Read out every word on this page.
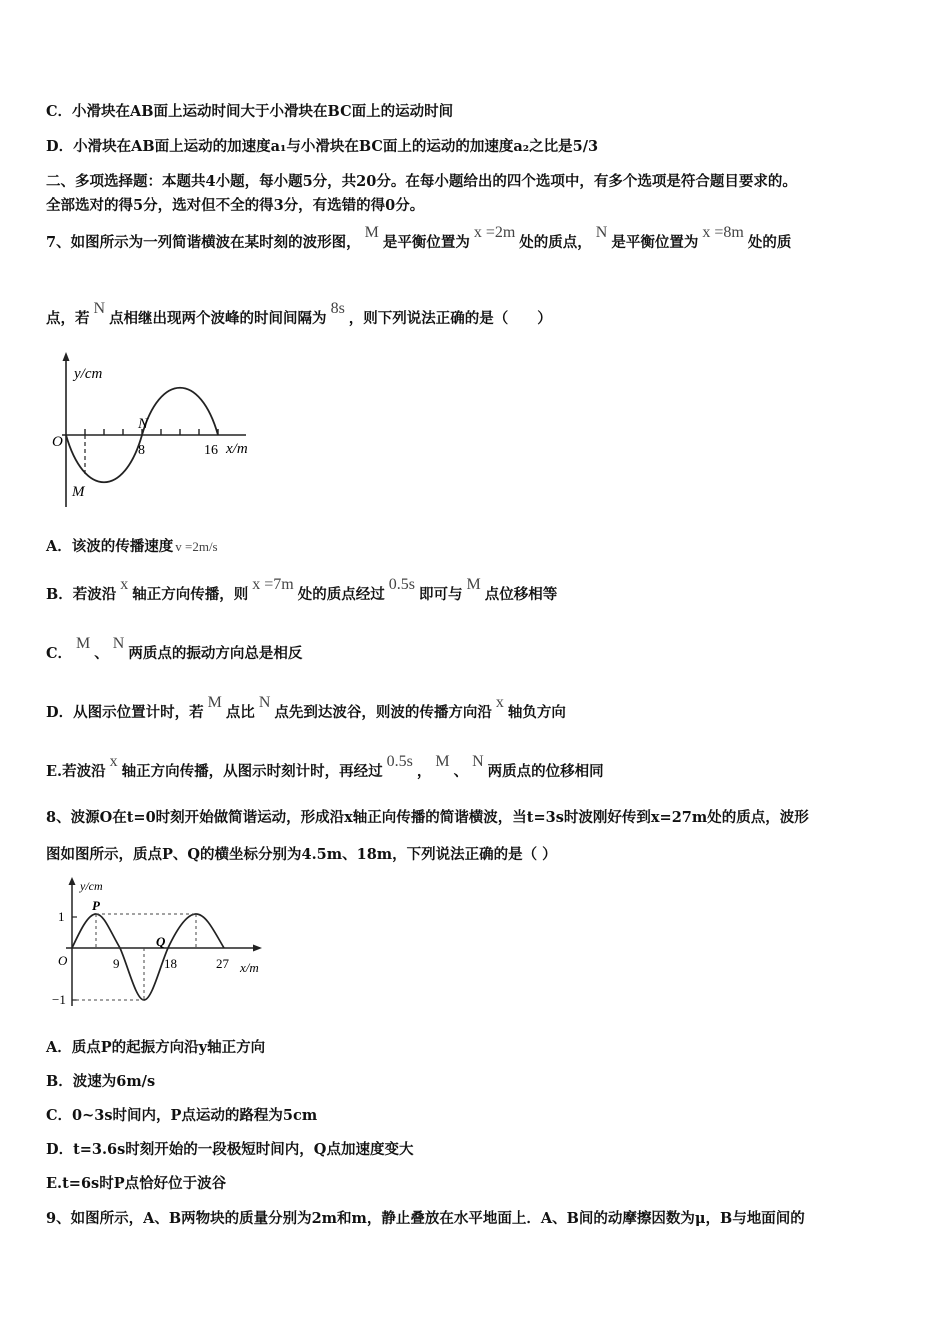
C．小滑块在AB面上运动时间大于小滑块在BC面上的运动时间
D．小滑块在AB面上运动的加速度a₁与小滑块在BC面上的运动的加速度a₂之比是5/3
二、多项选择题：本题共4小题，每小题5分，共20分。在每小题给出的四个选项中，有多个选项是符合题目要求的。
全部选对的得5分，选对但不全的得3分，有选错的得0分。
7、如图所示为一列简谐横波在某时刻的波形图，M是平衡位置为x =2m处的质点，N是平衡位置为x =8m处的质
点，若N点相继出现两个波峰的时间间隔为8s，则下列说法正确的是（　　）
y/cm
O
N
8	16 x/m
M
A．该波的传播速度 v =2m/s
B．若波沿x轴正方向传播，则x =7m处的质点经过0.5s即可与M点位移相等
C．M、N两质点的振动方向总是相反
D．从图示位置计时，若M点比N点先到达波谷，则波的传播方向沿x轴负方向
E.若波沿x轴正方向传播，从图示时刻计时，再经过0.5s，M、N两质点的位移相同
8、波源O在t=0时刻开始做简谐运动，形成沿x轴正向传播的简谐横波，当t=3s时波刚好传到x=27m处的质点，波形
图如图所示，质点P、Q的横坐标分别为4.5m、18m，下列说法正确的是（ ）
y/cm
1
−1
O
P
Q
9	18	27 x/m
A．质点P的起振方向沿y轴正方向
B．波速为6m/s
C．0~3s时间内，P点运动的路程为5cm
D．t=3.6s时刻开始的一段极短时间内，Q点加速度变大
E.t=6s时P点恰好位于波谷
9、如图所示，A、B两物块的质量分别为2m和m，静止叠放在水平地面上．A、B间的动摩擦因数为μ，B与地面间的
